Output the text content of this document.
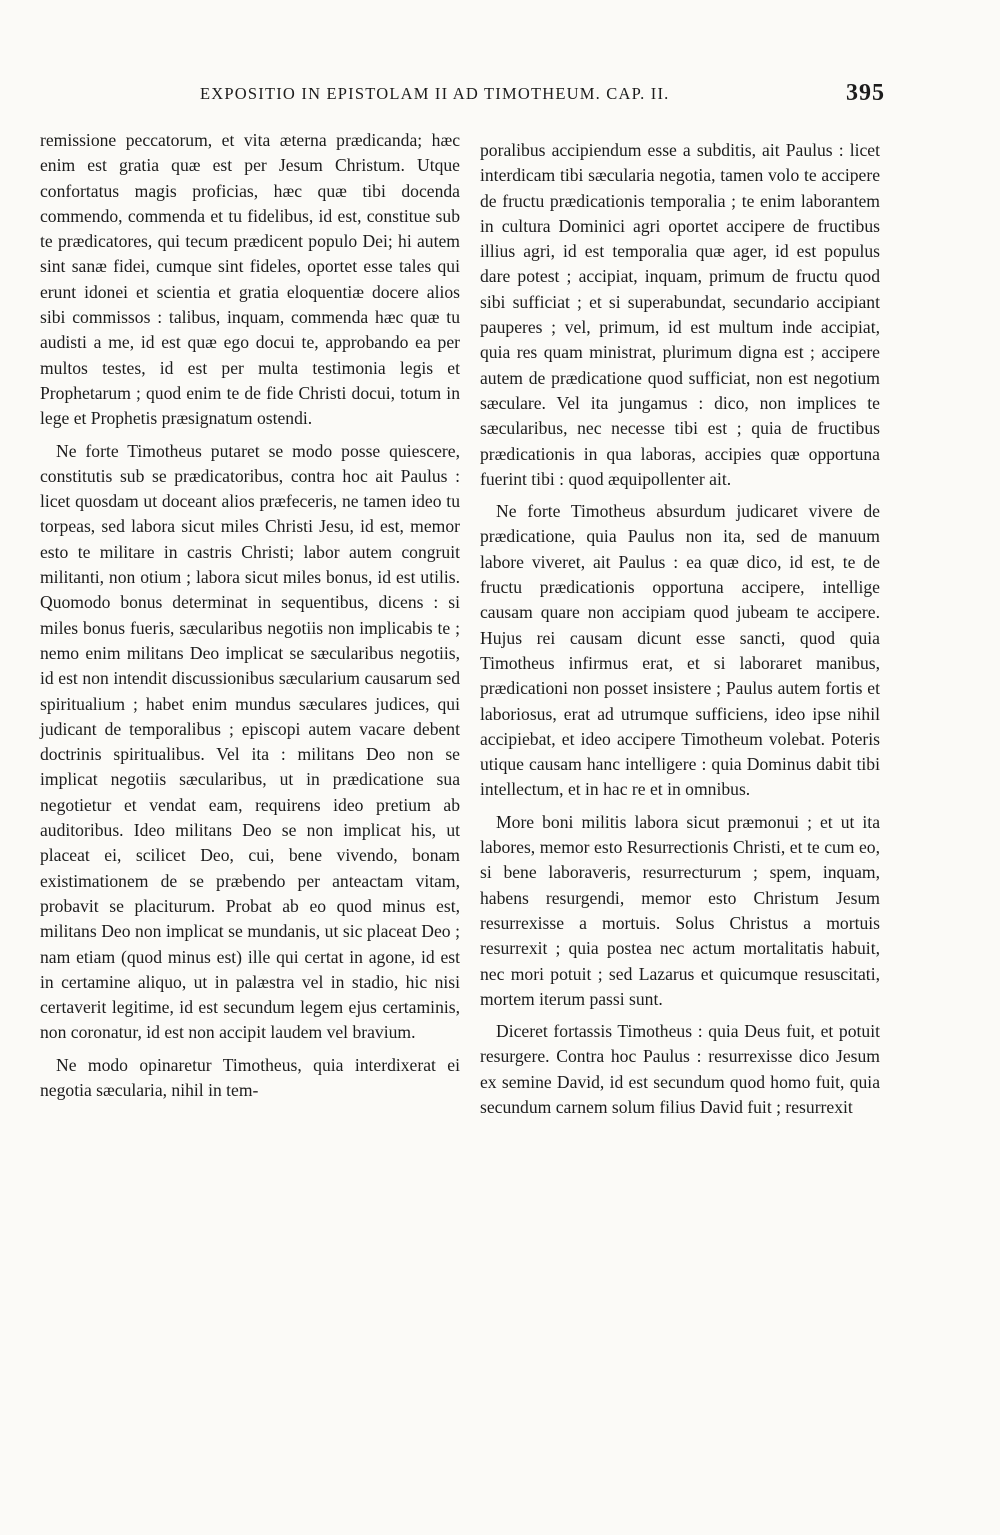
EXPOSITIO IN EPISTOLAM II AD TIMOTHEUM. CAP. II.	395

remissione peccatorum, et vita æterna prædicanda; hæc enim est gratia quæ est per Jesum Christum. Utque confortatus magis proficias, hæc quæ tibi docenda commendo, commenda et tu fidelibus, id est, constitue sub te prædicatores, qui tecum prædicent populo Dei; hi autem sint sanæ fidei, cumque sint fideles, oportet esse tales qui erunt idonei et scientia et gratia eloquentiæ docere alios sibi commissos : talibus, inquam, commenda hæc quæ tu audisti a me, id est quæ ego docui te, approbando ea per multos testes, id est per multa testimonia legis et Prophetarum ; quod enim te de fide Christi docui, totum in lege et Prophetis præsignatum ostendi.

Ne forte Timotheus putaret se modo posse quiescere, constitutis sub se prædicatoribus, contra hoc ait Paulus : licet quosdam ut doceant alios præfeceris, ne tamen ideo tu torpeas, sed labora sicut miles Christi Jesu, id est, memor esto te militare in castris Christi; labor autem congruit militanti, non otium ; labora sicut miles bonus, id est utilis. Quomodo bonus determinat in sequentibus, dicens : si miles bonus fueris, sæcularibus negotiis non implicabis te ; nemo enim militans Deo implicat se sæcularibus negotiis, id est non intendit discussionibus sæcularium causarum sed spiritualium ; habet enim mundus sæculares judices, qui judicant de temporalibus ; episcopi autem vacare debent doctrinis spiritualibus. Vel ita : militans Deo non se implicat negotiis sæcularibus, ut in prædicatione sua negotietur et vendat eam, requirens ideo pretium ab auditoribus. Ideo militans Deo se non implicat his, ut placeat ei, scilicet Deo, cui, bene vivendo, bonam existimationem de se præbendo per anteactam vitam, probavit se placiturum. Probat ab eo quod minus est, militans Deo non implicat se mundanis, ut sic placeat Deo ; nam etiam (quod minus est) ille qui certat in agone, id est in certamine aliquo, ut in palæstra vel in stadio, hic nisi certaverit legitime, id est secundum legem ejus certaminis, non coronatur, id est non accipit laudem vel bravium.

Ne modo opinaretur Timotheus, quia interdixerat ei negotia sæcularia, nihil in tem-

poralibus accipiendum esse a subditis, ait Paulus : licet interdicam tibi sæcularia negotia, tamen volo te accipere de fructu prædicationis temporalia ; te enim laborantem in cultura Dominici agri oportet accipere de fructibus illius agri, id est temporalia quæ ager, id est populus dare potest ; accipiat, inquam, primum de fructu quod sibi sufficiat ; et si superabundat, secundario accipiant pauperes ; vel, primum, id est multum inde accipiat, quia res quam ministrat, plurimum digna est ; accipere autem de prædicatione quod sufficiat, non est negotium sæculare. Vel ita jungamus : dico, non implices te sæcularibus, nec necesse tibi est ; quia de fructibus prædicationis in qua laboras, accipies quæ opportuna fuerint tibi : quod æquipollenter ait.

Ne forte Timotheus absurdum judicaret vivere de prædicatione, quia Paulus non ita, sed de manuum labore viveret, ait Paulus : ea quæ dico, id est, te de fructu prædicationis opportuna accipere, intellige causam quare non accipiam quod jubeam te accipere. Hujus rei causam dicunt esse sancti, quod quia Timotheus infirmus erat, et si laboraret manibus, prædicationi non posset insistere ; Paulus autem fortis et laboriosus, erat ad utrumque sufficiens, ideo ipse nihil accipiebat, et ideo accipere Timotheum volebat. Poteris utique causam hanc intelligere : quia Dominus dabit tibi intellectum, et in hac re et in omnibus.

More boni militis labora sicut præmonui ; et ut ita labores, memor esto Resurrectionis Christi, et te cum eo, si bene laboraveris, resurrecturum ; spem, inquam, habens resurgendi, memor esto Christum Jesum resurrexisse a mortuis. Solus Christus a mortuis resurrexit ; quia postea nec actum mortalitatis habuit, nec mori potuit ; sed Lazarus et quicumque resuscitati, mortem iterum passi sunt.

Diceret fortassis Timotheus : quia Deus fuit, et potuit resurgere. Contra hoc Paulus : resurrexisse dico Jesum ex semine David, id est secundum quod homo fuit, quia secundum carnem solum filius David fuit ; resurrexit
